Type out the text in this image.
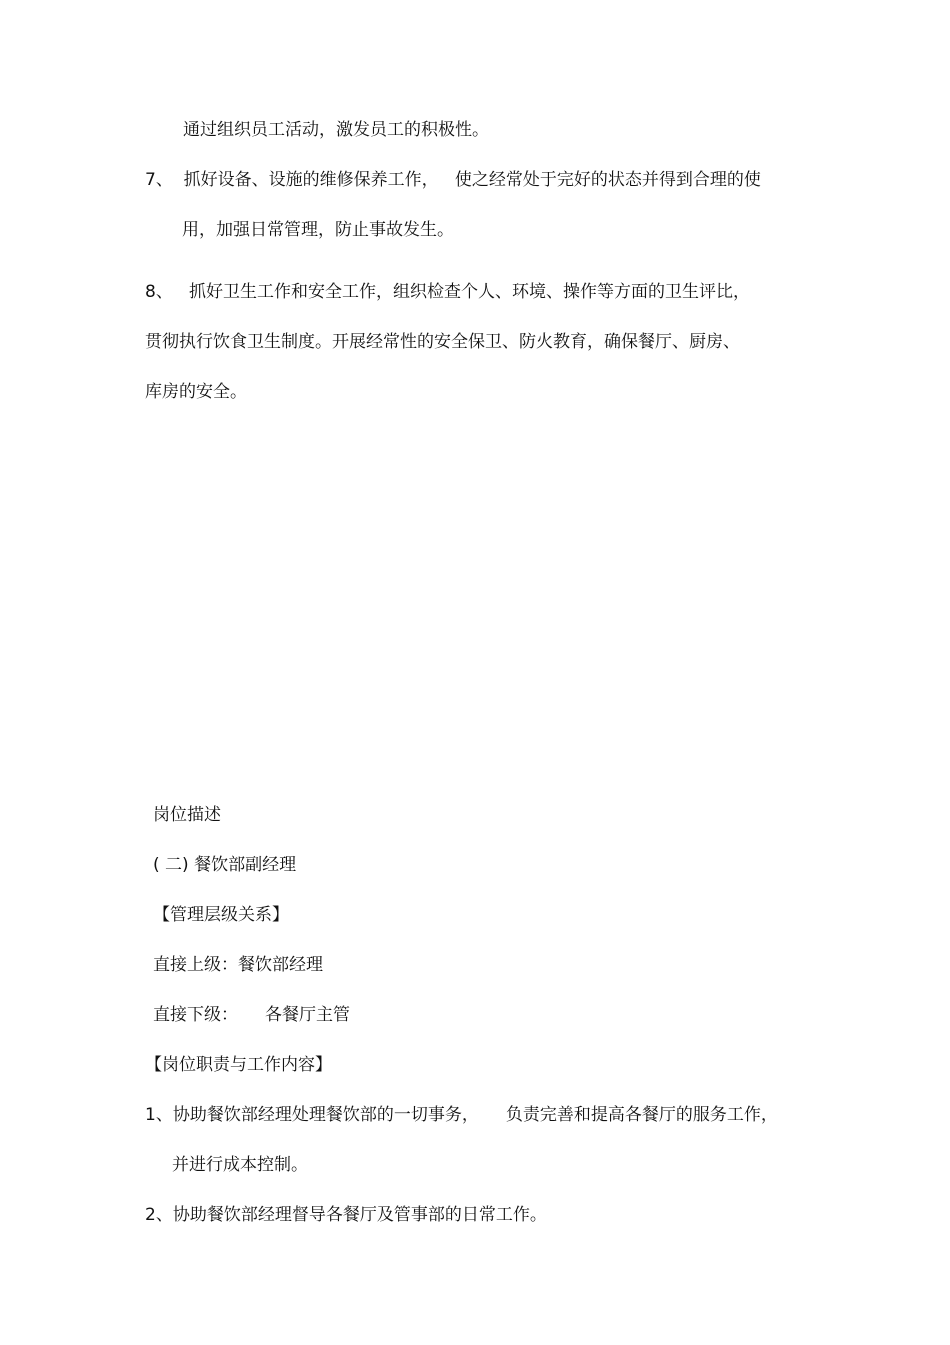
通过组织员工活动，激发员工的积极性。
7、  抓好设备、设施的维修保养工作，   使之经常处于完好的状态并得到合理的使
用，加强日常管理，防止事故发生。
8、   抓好卫生工作和安全工作，组织检查个人、环境、操作等方面的卫生评比，
贯彻执行饮食卫生制度。开展经常性的安全保卫、防火教育，确保餐厅、厨房、
库房的安全。
岗位描述
( 二) 餐饮部副经理
【管理层级关系】
直接上级：餐饮部经理
直接下级：     各餐厅主管
【岗位职责与工作内容】
1、协助餐饮部经理处理餐饮部的一切事务，     负责完善和提高各餐厅的服务工作，
并进行成本控制。
2、协助餐饮部经理督导各餐厅及管事部的日常工作。
